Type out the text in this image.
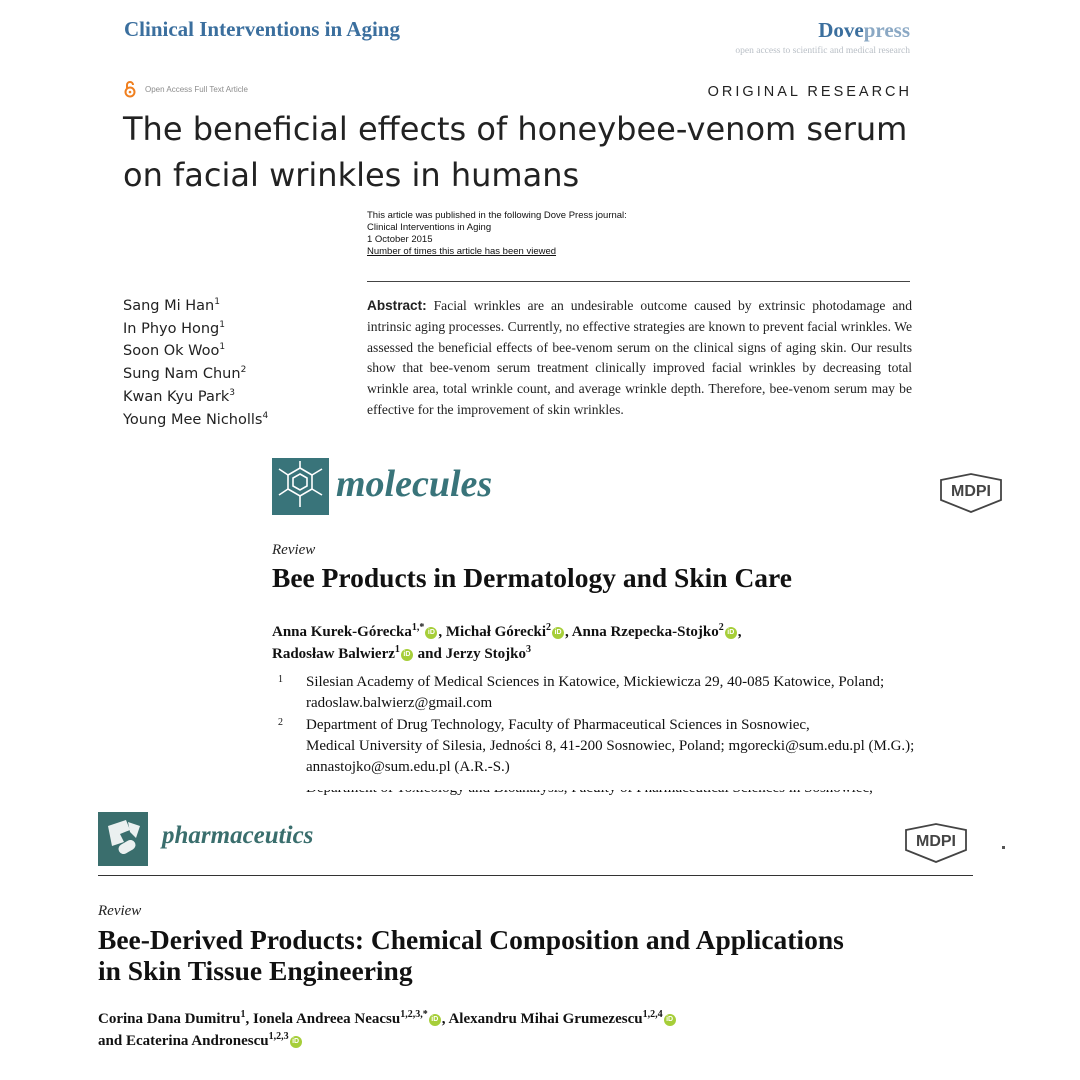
Clinical Interventions in Aging	Dovepress
open access to scientific and medical research
Open Access Full Text Article	ORIGINAL RESEARCH
The beneficial effects of honeybee-venom serum
on facial wrinkles in humans
This article was published in the following Dove Press journal:
Clinical Interventions in Aging
1 October 2015
Number of times this article has been viewed
Sang Mi Han$^1$
In Phyo Hong$^1$
Soon Ok Woo$^1$
Sung Nam Chun$^2$
Kwan Kyu Park$^3$
Young Mee Nicholls$^4$
Abstract: Facial wrinkles are an undesirable outcome caused by extrinsic photodamage and intrinsic aging processes. Currently, no effective strategies are known to prevent facial wrinkles. We assessed the beneficial effects of bee-venom serum on the clinical signs of aging skin. Our results show that bee-venom serum treatment clinically improved facial wrinkles by decreasing total wrinkle area, total wrinkle count, and average wrinkle depth. Therefore, bee-venom serum may be effective for the improvement of skin wrinkles.
molecules	MDPI
Review
Bee Products in Dermatology and Skin Care
Anna Kurek-Górecka$^{1,*}$ iD , Michał Górecki$^2$ iD , Anna Rzepecka-Stojko$^2$ iD ,
Radosław Balwierz$^1$ iD and Jerzy Stojko$^3$
1 Silesian Academy of Medical Sciences in Katowice, Mickiewicza 29, 40-085 Katowice, Poland;
radoslaw.balwierz@gmail.com
2 Department of Drug Technology, Faculty of Pharmaceutical Sciences in Sosnowiec,
Medical University of Silesia, Jedności 8, 41-200 Sosnowiec, Poland; mgorecki@sum.edu.pl (M.G.);
annastojko@sum.edu.pl (A.R.-S.)
pharmaceutics	MDPI
Review
Bee-Derived Products: Chemical Composition and Applications
in Skin Tissue Engineering
Corina Dana Dumitru$^1$, Ionela Andreea Neacsu$^{1,2,3,*}$ iD , Alexandru Mihai Grumezescu$^{1,2,4}$ iD
and Ecaterina Andronescu$^{1,2,3}$ iD
